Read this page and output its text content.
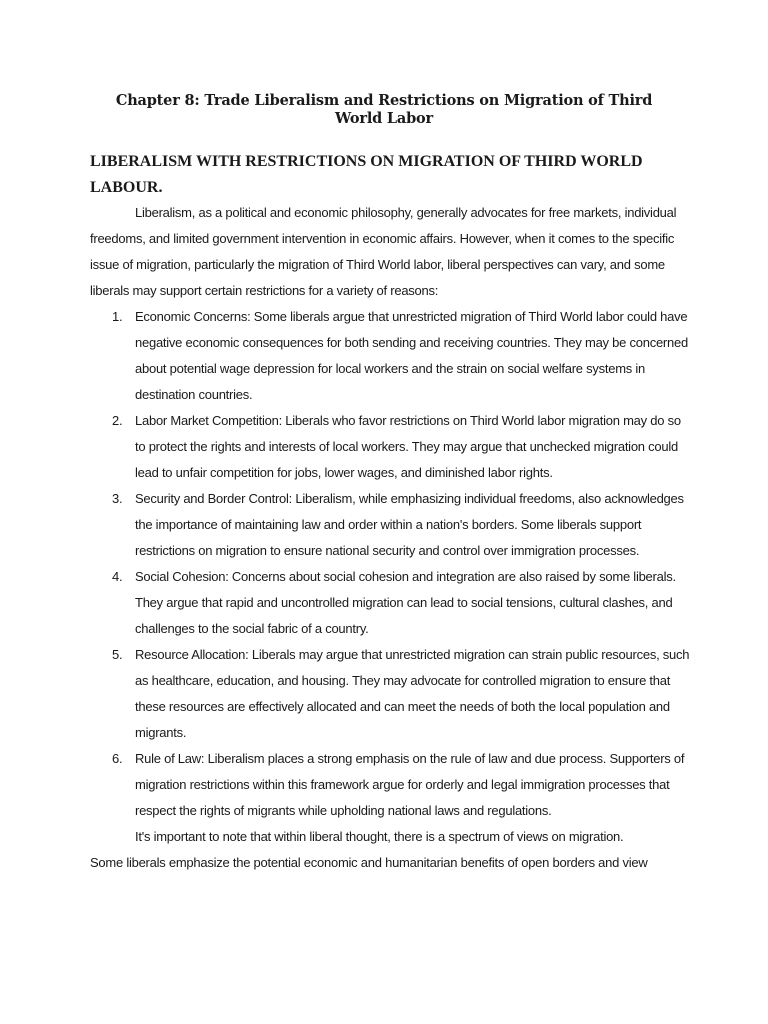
Chapter 8: Trade Liberalism and Restrictions on Migration of Third World Labor
LIBERALISM WITH RESTRICTIONS ON MIGRATION OF THIRD WORLD LABOUR.

Liberalism, as a political and economic philosophy, generally advocates for free markets, individual freedoms, and limited government intervention in economic affairs. However, when it comes to the specific issue of migration, particularly the migration of Third World labor, liberal perspectives can vary, and some liberals may support certain restrictions for a variety of reasons:

1. Economic Concerns: Some liberals argue that unrestricted migration of Third World labor could have negative economic consequences for both sending and receiving countries. They may be concerned about potential wage depression for local workers and the strain on social welfare systems in destination countries.
2. Labor Market Competition: Liberals who favor restrictions on Third World labor migration may do so to protect the rights and interests of local workers. They may argue that unchecked migration could lead to unfair competition for jobs, lower wages, and diminished labor rights.
3. Security and Border Control: Liberalism, while emphasizing individual freedoms, also acknowledges the importance of maintaining law and order within a nation's borders. Some liberals support restrictions on migration to ensure national security and control over immigration processes.
4. Social Cohesion: Concerns about social cohesion and integration are also raised by some liberals. They argue that rapid and uncontrolled migration can lead to social tensions, cultural clashes, and challenges to the social fabric of a country.
5. Resource Allocation: Liberals may argue that unrestricted migration can strain public resources, such as healthcare, education, and housing. They may advocate for controlled migration to ensure that these resources are effectively allocated and can meet the needs of both the local population and migrants.
6. Rule of Law: Liberalism places a strong emphasis on the rule of law and due process. Supporters of migration restrictions within this framework argue for orderly and legal immigration processes that respect the rights of migrants while upholding national laws and regulations.

It's important to note that within liberal thought, there is a spectrum of views on migration.
Some liberals emphasize the potential economic and humanitarian benefits of open borders and view
